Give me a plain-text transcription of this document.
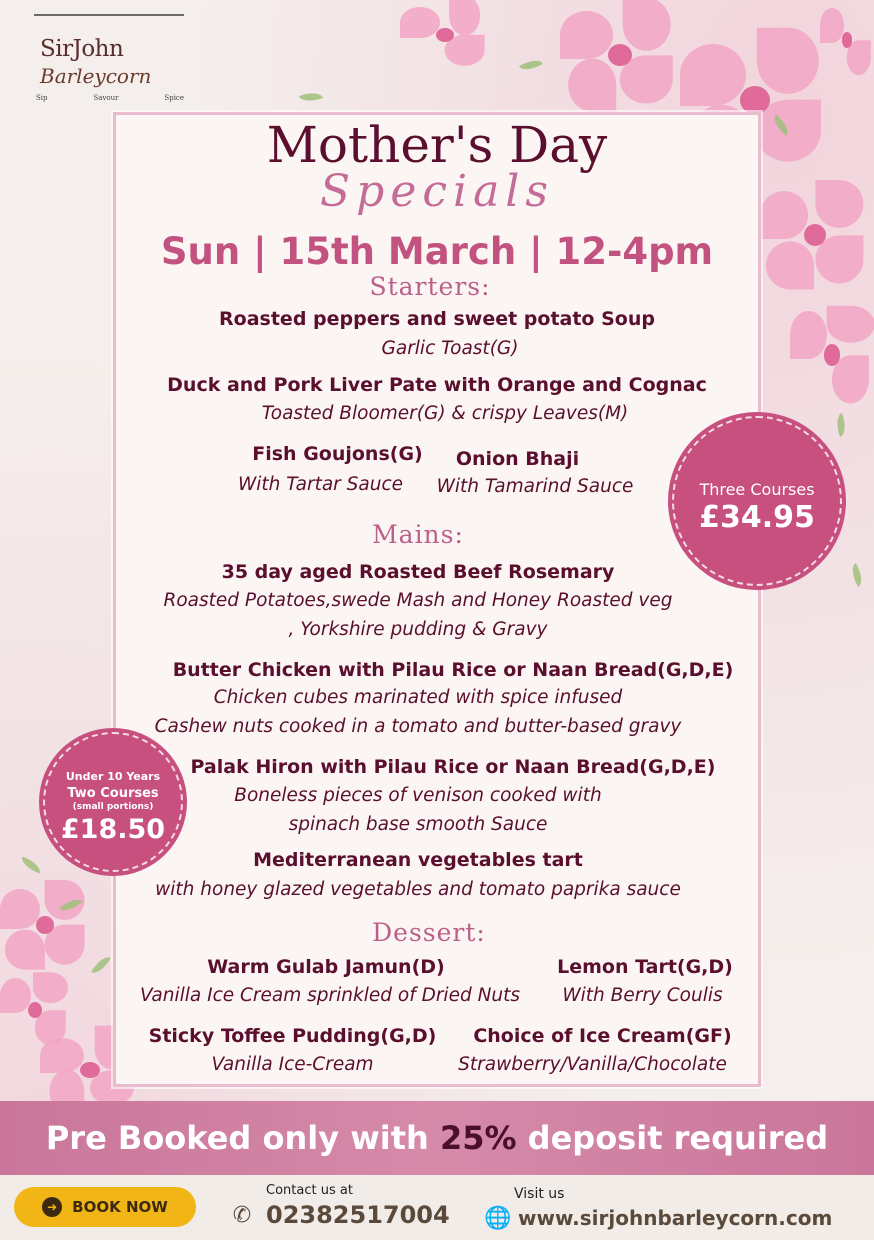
SirJohn
Barleycorn
Sip	Savour	Spice
Mother's Day
Specials
Sun | 15th March | 12-4pm
Starters:
Roasted peppers and sweet potato Soup
Garlic Toast(G)
Duck and Pork Liver Pate with Orange and Cognac
Toasted Bloomer(G) & crispy Leaves(M)
Fish Goujons(G)
With Tartar Sauce
Onion Bhaji
With Tamarind Sauce
Mains:
35 day aged Roasted Beef Rosemary
Roasted Potatoes,swede Mash and Honey Roasted veg
, Yorkshire pudding & Gravy
Butter Chicken with Pilau Rice or Naan Bread(G,D,E)
Chicken cubes marinated with spice infused
Cashew nuts cooked in a tomato and butter-based gravy
Palak Hiron with Pilau Rice or Naan Bread(G,D,E)
Boneless pieces of venison cooked with
spinach base smooth Sauce
Mediterranean vegetables tart
with honey glazed vegetables and tomato paprika sauce
Dessert:
Warm Gulab Jamun(D)
Vanilla Ice Cream sprinkled of Dried Nuts
Lemon Tart(G,D)
With Berry Coulis
Sticky Toffee Pudding(G,D)
Vanilla Ice-Cream
Choice of Ice Cream(GF)
Strawberry/Vanilla/Chocolate
Three Courses
£34.95
Under 10 Years
Two Courses
(small portions)
£18.50
Pre Booked only with 25% deposit required
➜ BOOK NOW
Contact us at
✆ 02382517004
Visit us
🌐 www.sirjohnbarleycorn.com
